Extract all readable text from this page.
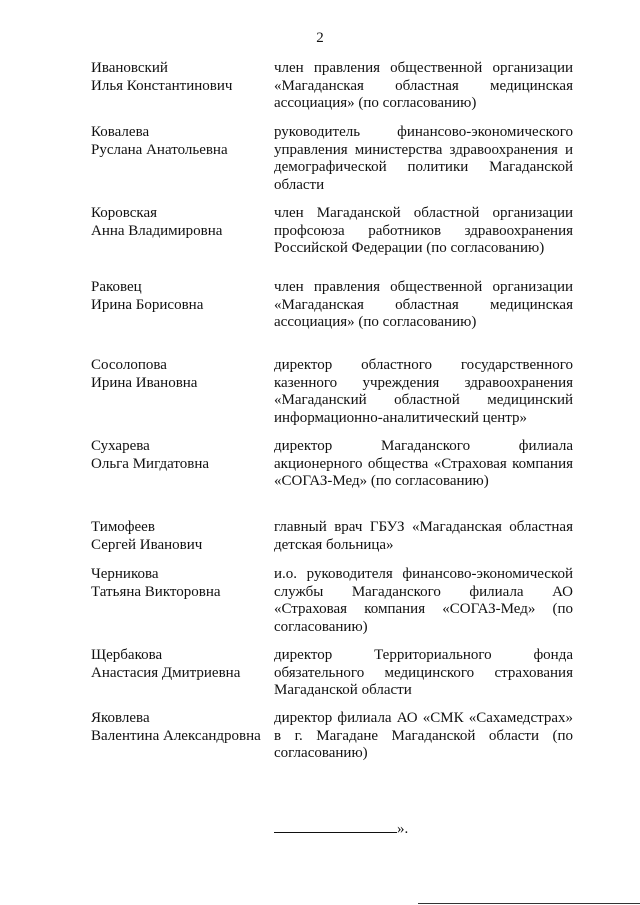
2
Ивановский
Илья Константинович
член правления общественной организации «Магаданская областная медицинская ассоциация» (по согласованию)
Ковалева
Руслана Анатольевна
руководитель финансово-экономического управления министерства здравоохранения и демографической политики Магаданской области
Коровская
Анна Владимировна
член Магаданской областной организации профсоюза работников здравоохранения Российской Федерации (по согласованию)
Раковец
Ирина Борисовна
член правления общественной организации «Магаданская областная медицинская ассоциация» (по согласованию)
Сосолопова
Ирина Ивановна
директор областного государственного казенного учреждения здравоохранения «Магаданский областной медицинский информационно-аналитический центр»
Сухарева
Ольга Мигдатовна
директор Магаданского филиала акционерного общества «Страховая компания «СОГАЗ-Мед» (по согласованию)
Тимофеев
Сергей Иванович
главный врач ГБУЗ «Магаданская областная детская больница»
Черникова
Татьяна Викторовна
и.о. руководителя финансово-экономической службы Магаданского филиала АО «Страховая компания «СОГАЗ-Мед» (по согласованию)
Щербакова
Анастасия Дмитриевна
директор Территориального фонда обязательного медицинского страхования Магаданской области
Яковлева
Валентина Александровна
директор филиала АО «СМК «Сахамедстрах» в г. Магадане Магаданской области (по согласованию)
».
